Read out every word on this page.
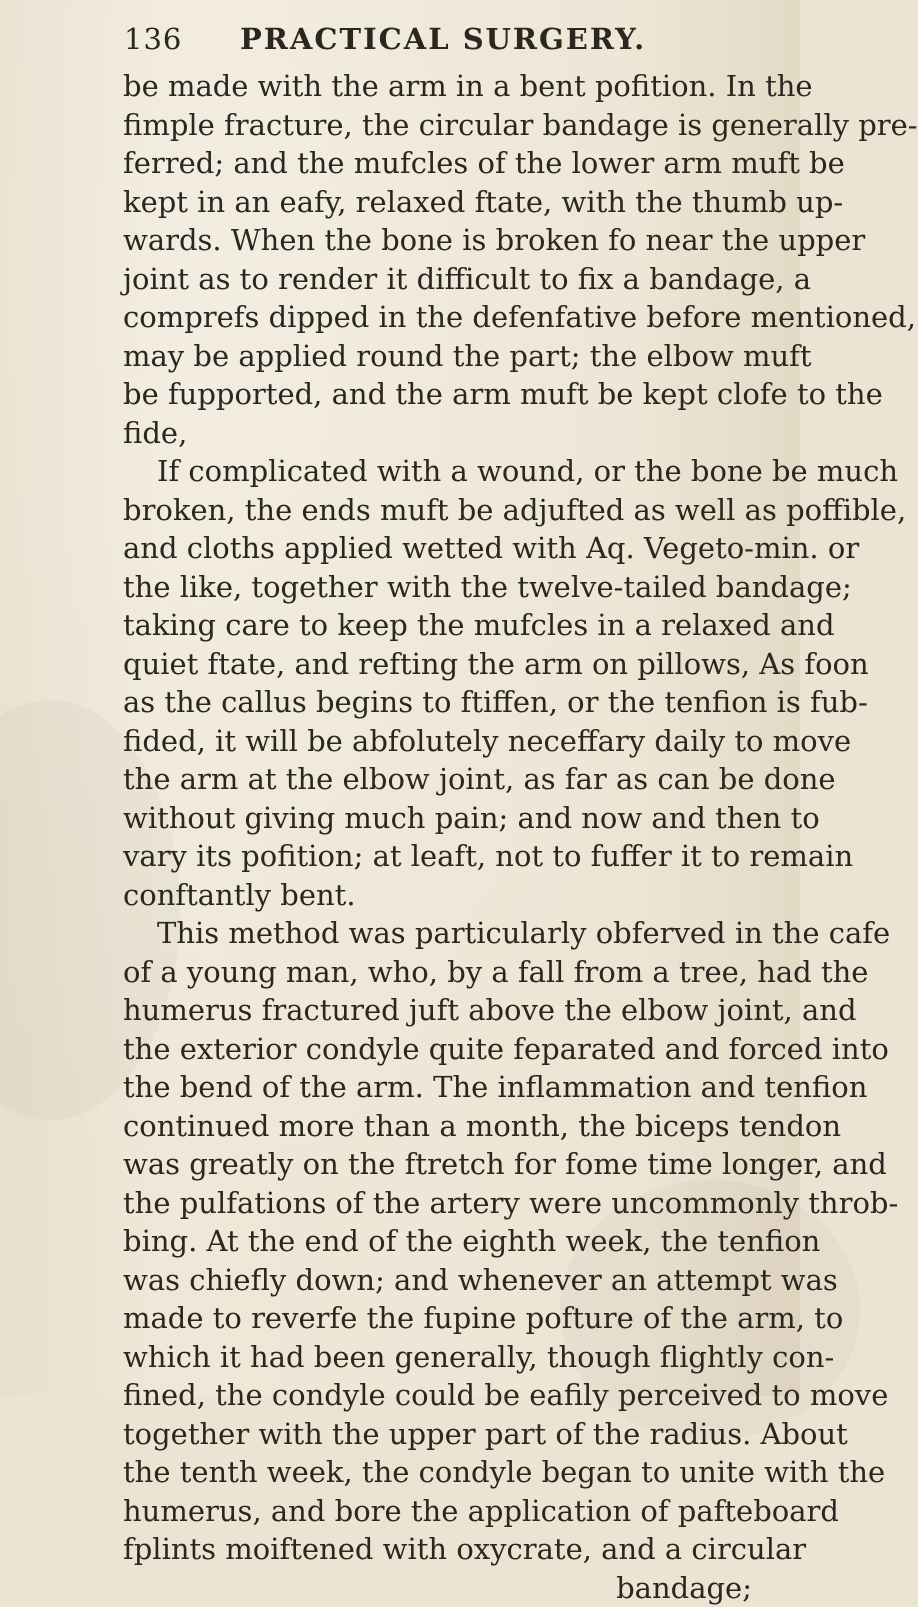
136 PRACTICAL SURGERY.
be made with the arm in a bent pofition. In the
fimple fracture, the circular bandage is generally pre-
ferred; and the mufcles of the lower arm muft be
kept in an eafy, relaxed ftate, with the thumb up-
wards. When the bone is broken fo near the upper
joint as to render it difficult to fix a bandage, a
comprefs dipped in the defenfative before mentioned,
may be applied round the part; the elbow muft
be fupported, and the arm muft be kept clofe to the
fide,
If complicated with a wound, or the bone be much
broken, the ends muft be adjufted as well as poffible,
and cloths applied wetted with Aq. Vegeto-min. or
the like, together with the twelve-tailed bandage;
taking care to keep the mufcles in a relaxed and
quiet ftate, and refting the arm on pillows, As foon
as the callus begins to ftiffen, or the tenfion is fub-
fided, it will be abfolutely neceffary daily to move
the arm at the elbow joint, as far as can be done
without giving much pain; and now and then to
vary its pofition; at leaft, not to fuffer it to remain
conftantly bent.
This method was particularly obferved in the cafe
of a young man, who, by a fall from a tree, had the
humerus fractured juft above the elbow joint, and
the exterior condyle quite feparated and forced into
the bend of the arm. The inflammation and tenfion
continued more than a month, the biceps tendon
was greatly on the ftretch for fome time longer, and
the pulfations of the artery were uncommonly throb-
bing. At the end of the eighth week, the tenfion
was chiefly down; and whenever an attempt was
made to reverfe the fupine pofture of the arm, to
which it had been generally, though flightly con-
fined, the condyle could be eafily perceived to move
together with the upper part of the radius. About
the tenth week, the condyle began to unite with the
humerus, and bore the application of pafteboard
fplints moiftened with oxycrate, and a circular
bandage;
